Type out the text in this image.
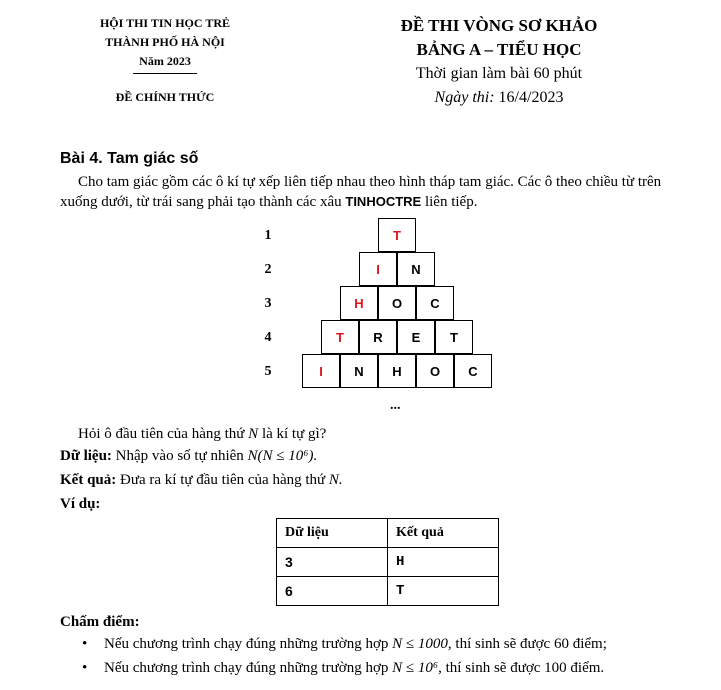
HỘI THI TIN HỌC TRẺ
THÀNH PHỐ HÀ NỘI
Năm 2023
ĐỀ CHÍNH THỨC
ĐỀ THI VÒNG SƠ KHẢO
BẢNG A – TIỂU HỌC
Thời gian làm bài 60 phút
Ngày thi: 16/4/2023
Bài 4. Tam giác số
Cho tam giác gồm các ô kí tự xếp liên tiếp nhau theo hình tháp tam giác. Các ô theo chiều từ trên xuống dưới, từ trái sang phải tạo thành các xâu TINHOCTRE liên tiếp.
1	T
2	I	N
3	H	O	C
4	T	R	E	T
5	I	N	H	O	C
...
Hỏi ô đầu tiên của hàng thứ N là kí tự gì?
Dữ liệu: Nhập vào số tự nhiên N(N ≤ 10⁶).
Kết quả: Đưa ra kí tự đầu tiên của hàng thứ N.
Ví dụ:
Dữ liệu	Kết quả
3	H
6	T
Chấm điểm:
• Nếu chương trình chạy đúng những trường hợp N ≤ 1000, thí sinh sẽ được 60 điểm;
• Nếu chương trình chạy đúng những trường hợp N ≤ 10⁶, thí sinh sẽ được 100 điểm.
